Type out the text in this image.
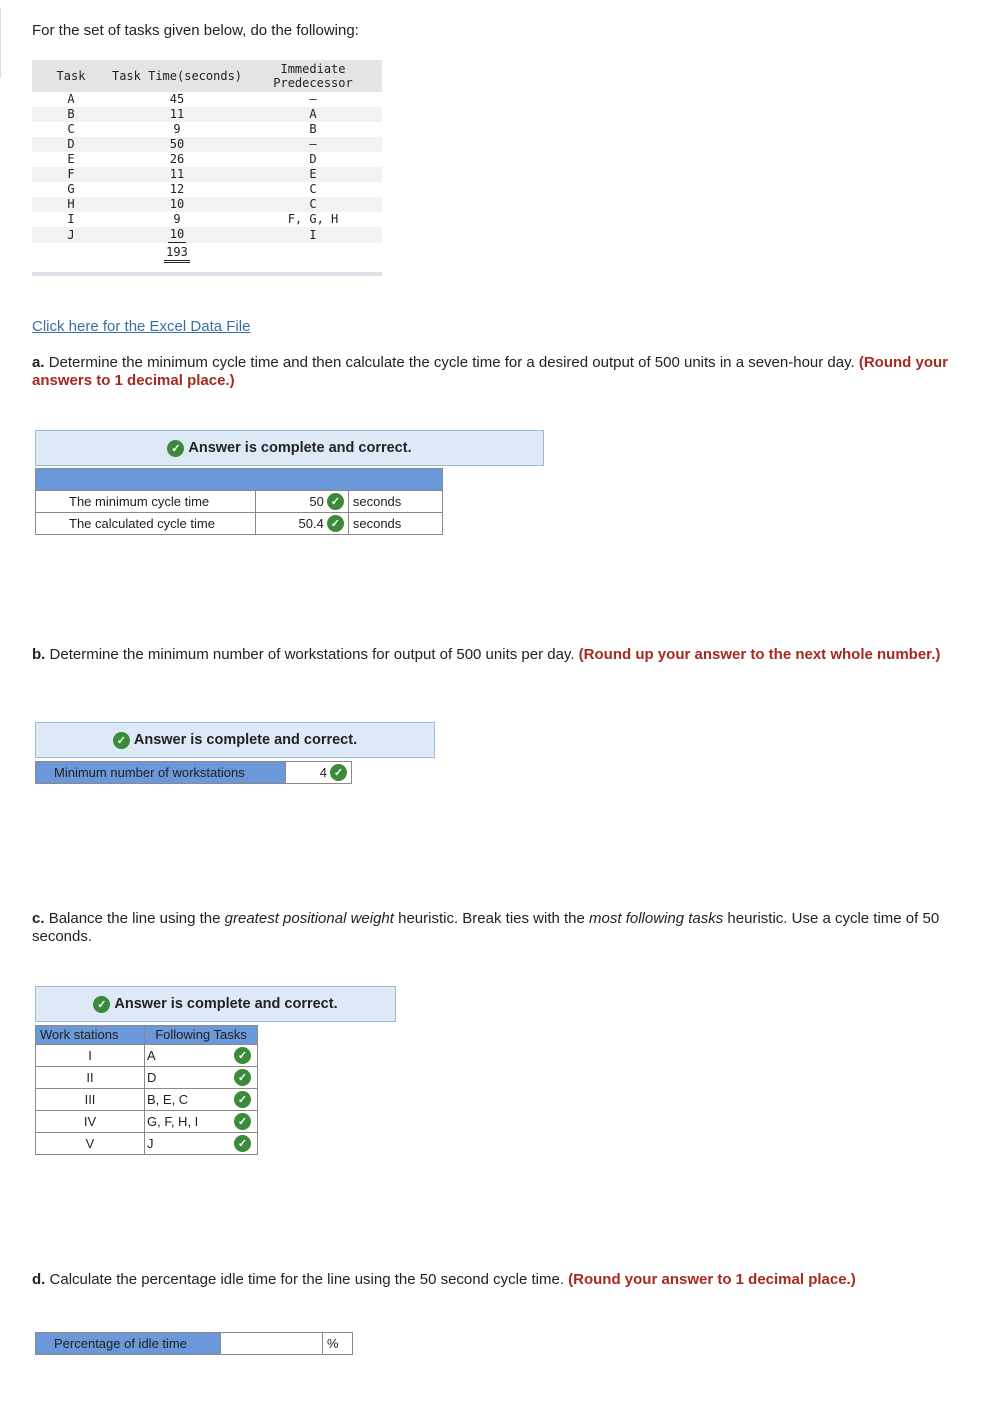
For the set of tasks given below, do the following:
Task	Task Time(seconds)	Immediate Predecessor
A	45	–
B	11	A
C	9	B
D	50	–
E	26	D
F	11	E
G	12	C
H	10	C
I	9	F, G, H
J	10	I
	193	
Click here for the Excel Data File
a. Determine the minimum cycle time and then calculate the cycle time for a desired output of 500 units in a seven-hour day. (Round your answers to 1 decimal place.)
✓ Answer is complete and correct.

The minimum cycle time	50 ✓	seconds
The calculated cycle time	50.4 ✓	seconds
b. Determine the minimum number of workstations for output of 500 units per day. (Round up your answer to the next whole number.)
✓ Answer is complete and correct.
Minimum number of workstations	4 ✓
c. Balance the line using the greatest positional weight heuristic. Break ties with the most following tasks heuristic. Use a cycle time of 50 seconds.
✓ Answer is complete and correct.
Work stations	Following Tasks
I	A ✓

II	D ✓

III	B, E, C ✓

IV	G, F, H, I ✓

V	J ✓
d. Calculate the percentage idle time for the line using the 50 second cycle time. (Round your answer to 1 decimal place.)
Percentage of idle time		%
